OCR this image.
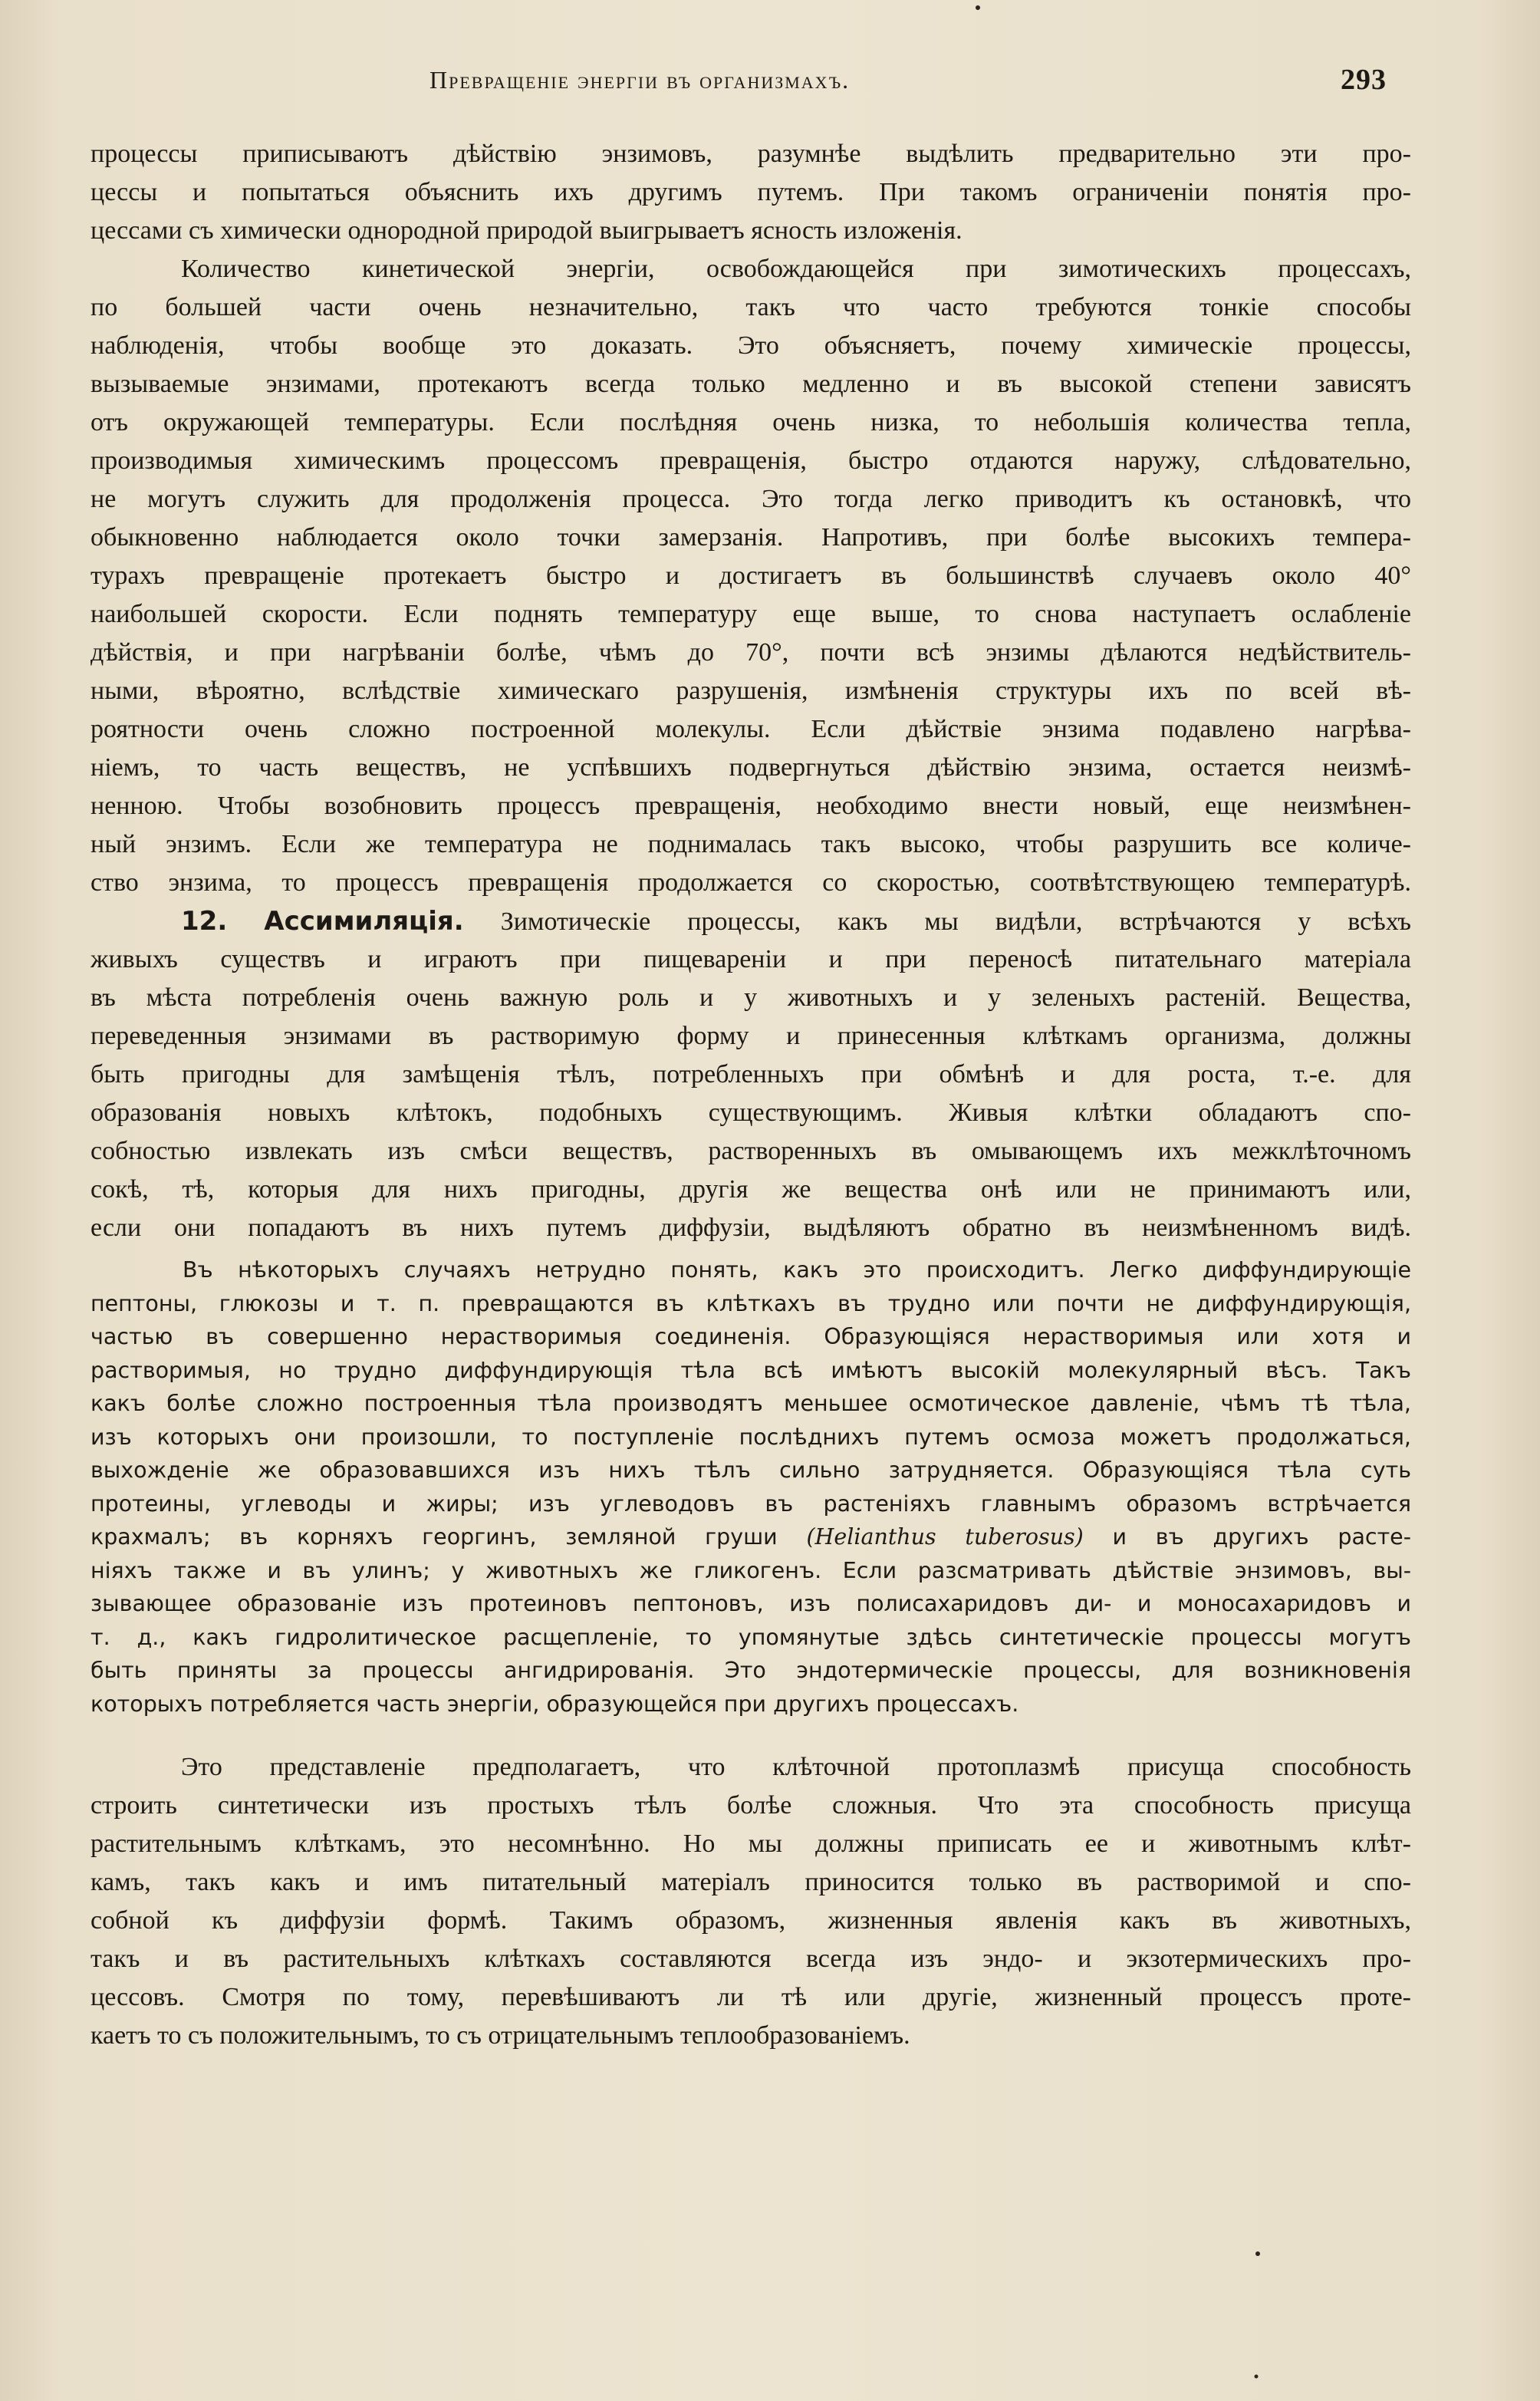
Превращеніе энергіи въ организмахъ.	293
процессы приписываютъ дѣйствію энзимовъ, разумнѣе выдѣлить предварительно эти про-
цессы и попытаться объяснить ихъ другимъ путемъ. При такомъ ограниченіи понятія про-
цессами съ химически однородной природой выигрываетъ ясность изложенія.
Количество кинетической энергіи, освобождающейся при зимотическихъ процессахъ,
по большей части очень незначительно, такъ что часто требуются тонкіе способы
наблюденія, чтобы вообще это доказать. Это объясняетъ, почему химическіе процессы,
вызываемые энзимами, протекаютъ всегда только медленно и въ высокой степени зависятъ
отъ окружающей температуры. Если послѣдняя очень низка, то небольшія количества тепла,
производимыя химическимъ процессомъ превращенія, быстро отдаются наружу, слѣдовательно,
не могутъ служить для продолженія процесса. Это тогда легко приводитъ къ остановкѣ, что
обыкновенно наблюдается около точки замерзанія. Напротивъ, при болѣе высокихъ темпера-
турахъ превращеніе протекаетъ быстро и достигаетъ въ большинствѣ случаевъ около 40°
наибольшей скорости. Если поднять температуру еще выше, то снова наступаетъ ослабленіе
дѣйствія, и при нагрѣваніи болѣе, чѣмъ до 70°, почти всѣ энзимы дѣлаются недѣйствитель-
ными, вѣроятно, вслѣдствіе химическаго разрушенія, измѣненія структуры ихъ по всей вѣ-
роятности очень сложно построенной молекулы. Если дѣйствіе энзима подавлено нагрѣва-
ніемъ, то часть веществъ, не успѣвшихъ подвергнуться дѣйствію энзима, остается неизмѣ-
ненною. Чтобы возобновить процессъ превращенія, необходимо внести новый, еще неизмѣнен-
ный энзимъ. Если же температура не поднималась такъ высоко, чтобы разрушить все количе-
ство энзима, то процессъ превращенія продолжается со скоростью, соотвѣтствующею температурѣ.
12. Ассимиляція. Зимотическіе процессы, какъ мы видѣли, встрѣчаются у всѣхъ
живыхъ существъ и играютъ при пищевареніи и при переносѣ питательнаго матеріала
въ мѣста потребленія очень важную роль и у животныхъ и у зеленыхъ растеній. Вещества,
переведенныя энзимами въ растворимую форму и принесенныя клѣткамъ организма, должны
быть пригодны для замѣщенія тѣлъ, потребленныхъ при обмѣнѣ и для роста, т.-е. для
образованія новыхъ клѣтокъ, подобныхъ существующимъ. Живыя клѣтки обладаютъ спо-
собностью извлекать изъ смѣси веществъ, растворенныхъ въ омывающемъ ихъ межклѣточномъ
сокѣ, тѣ, которыя для нихъ пригодны, другія же вещества онѣ или не принимаютъ или,
если они попадаютъ въ нихъ путемъ диффузіи, выдѣляютъ обратно въ неизмѣненномъ видѣ.
Въ нѣкоторыхъ случаяхъ нетрудно понять, какъ это происходитъ. Легко диффундирующіе
пептоны, глюкозы и т. п. превращаются въ клѣткахъ въ трудно или почти не диффундирующія,
частью въ совершенно нерастворимыя соединенія. Образующіяся нерастворимыя или хотя и
растворимыя, но трудно диффундирующія тѣла всѣ имѣютъ высокій молекулярный вѣсъ. Такъ
какъ болѣе сложно построенныя тѣла производятъ меньшее осмотическое давленіе, чѣмъ тѣ тѣла,
изъ которыхъ они произошли, то поступленіе послѣднихъ путемъ осмоза можетъ продолжаться,
выхожденіе же образовавшихся изъ нихъ тѣлъ сильно затрудняется. Образующіяся тѣла суть
протеины, углеводы и жиры; изъ углеводовъ въ растеніяхъ главнымъ образомъ встрѣчается
крахмалъ; въ корняхъ георгинъ, земляной груши (Helianthus tuberosus) и въ другихъ расте-
ніяхъ также и въ улинъ; у животныхъ же гликогенъ. Если разсматривать дѣйствіе энзимовъ, вы-
зывающее образованіе изъ протеиновъ пептоновъ, изъ полисахаридовъ ди- и моносахаридовъ и
т. д., какъ гидролитическое расщепленіе, то упомянутые здѣсь синтетическіе процессы могутъ
быть приняты за процессы ангидрированія. Это эндотермическіе процессы, для возникновенія
которыхъ потребляется часть энергіи, образующейся при другихъ процессахъ.
Это представленіе предполагаетъ, что клѣточной протоплазмѣ присуща способность
строить синтетически изъ простыхъ тѣлъ болѣе сложныя. Что эта способность присуща
растительнымъ клѣткамъ, это несомнѣнно. Но мы должны приписать ее и животнымъ клѣт-
камъ, такъ какъ и имъ питательный матеріалъ приносится только въ растворимой и спо-
собной къ диффузіи формѣ. Такимъ образомъ, жизненныя явленія какъ въ животныхъ,
такъ и въ растительныхъ клѣткахъ составляются всегда изъ эндо- и экзотермическихъ про-
цессовъ. Смотря по тому, перевѣшиваютъ ли тѣ или другіе, жизненный процессъ проте-
каетъ то съ положительнымъ, то съ отрицательнымъ теплообразованіемъ.
